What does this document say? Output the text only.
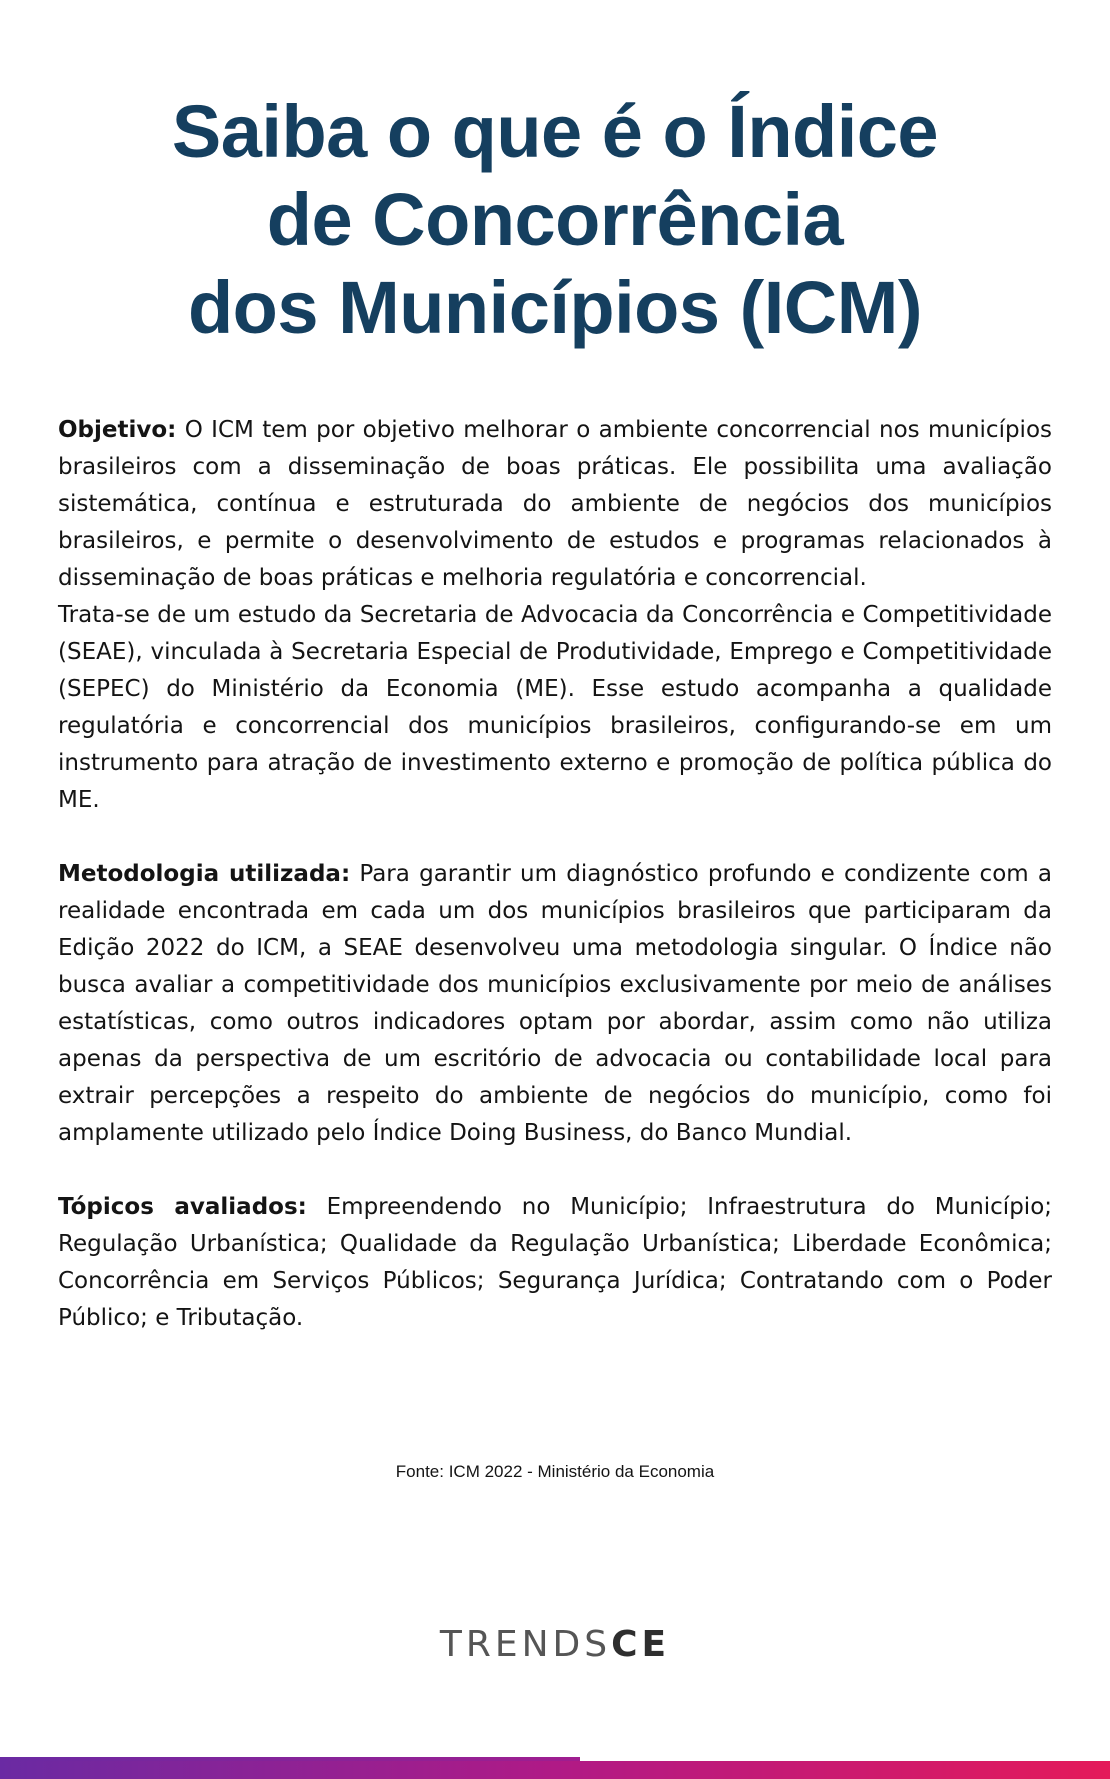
Saiba o que é o Índice
de Concorrência
dos Municípios (ICM)

Objetivo: O ICM tem por objetivo melhorar o ambiente concorrencial nos municípios brasileiros com a disseminação de boas práticas. Ele possibilita uma avaliação sistemática, contínua e estruturada do ambiente de negócios dos municípios brasileiros, e permite o desenvolvimento de estudos e programas relacionados à disseminação de boas práticas e melhoria regulatória e concorrencial.

Trata-se de um estudo da Secretaria de Advocacia da Concorrência e Competitividade (SEAE), vinculada à Secretaria Especial de Produtividade, Emprego e Competitividade (SEPEC) do Ministério da Economia (ME). Esse estudo acompanha a qualidade regulatória e concorrencial dos municípios brasileiros, configurando-se em um instrumento para atração de investimento externo e promoção de política pública do ME.

Metodologia utilizada: Para garantir um diagnóstico profundo e condizente com a realidade encontrada em cada um dos municípios brasileiros que participaram da Edição 2022 do ICM, a SEAE desenvolveu uma metodologia singular. O Índice não busca avaliar a competitividade dos municípios exclusivamente por meio de análises estatísticas, como outros indicadores optam por abordar, assim como não utiliza apenas da perspectiva de um escritório de advocacia ou contabilidade local para extrair percepções a respeito do ambiente de negócios do município, como foi amplamente utilizado pelo Índice Doing Business, do Banco Mundial.

Tópicos avaliados: Empreendendo no Município; Infraestrutura do Município; Regulação Urbanística; Qualidade da Regulação Urbanística; Liberdade Econômica; Concorrência em Serviços Públicos; Segurança Jurídica; Contratando com o Poder Público; e Tributação.

Fonte: ICM 2022 - Ministério da Economia
TRENDSCE
